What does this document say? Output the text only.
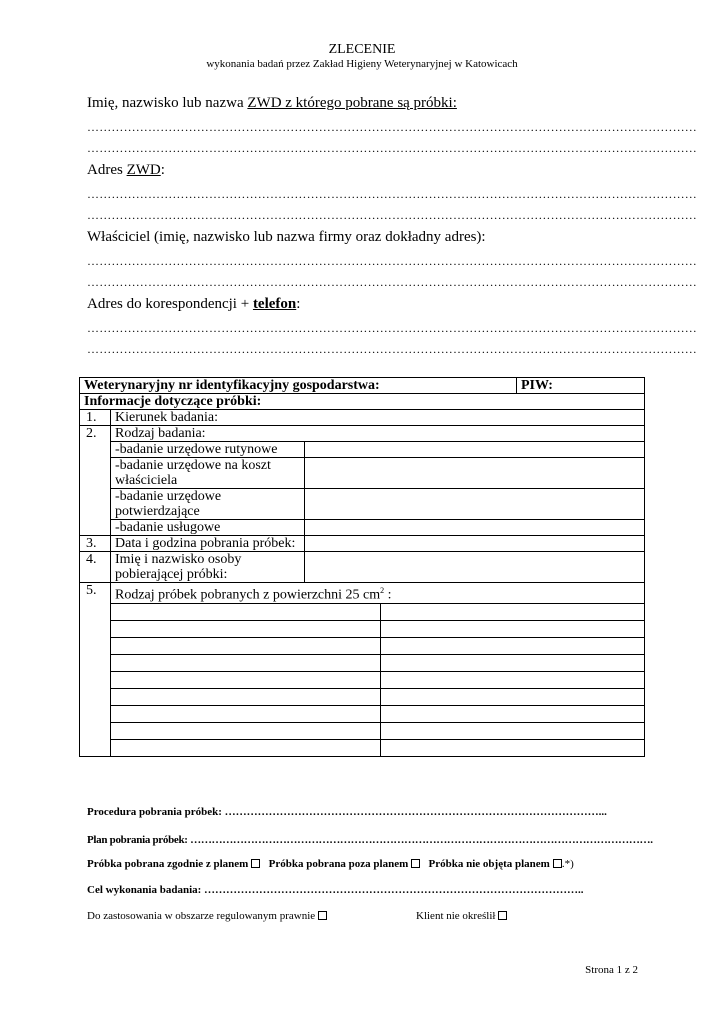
ZLECENIE
wykonania badań przez Zakład Higieny Weterynaryjnej w Katowicach
Imię, nazwisko lub nazwa ZWD z którego pobrane są próbki:
……………………………………………………………………………………………………………………………………
……………………………………………………………………………………………………………………………………
Adres ZWD:
……………………………………………………………………………………………………………………………………
……………………………………………………………………………………………………………………………………
Właściciel (imię, nazwisko lub nazwa firmy oraz dokładny adres):
……………………………………………………………………………………………………………………………………
……………………………………………………………………………………………………………………………………
Adres do korespondencji + telefon:
……………………………………………………………………………………………………………………………………
……………………………………………………………………………………………………………………………………
Weterynaryjny nr identyfikacyjny gospodarstwa:				PIW:
Informacje dotyczące próbki:				
1.	Kierunek badania:			
2.	Rodzaj badania:			
	-badanie urzędowe rutynowe			
	-badanie urzędowe na koszt właściciela			
	-badanie urzędowe potwierdzające			
	-badanie usługowe			
3.	Data i godzina pobrania próbek:			
4.	Imię i nazwisko osoby pobierającej próbki:			
5.	Rodzaj próbek pobranych z powierzchni 25 $cm^2$ :			

Procedura pobrania próbek: …………………………………………………………………………………………...
Plan pobrania próbek: ………………………………………………………………………………………………………………….
Próbka pobrana zgodnie z planem Próbka pobrana poza planem Próbka nie objęta planem .*)
Cel wykonania badania: …………………………………………………………………………………………..
Do zastosowania w obszarze regulowanym prawnie	Klient nie określił
Strona 1 z 2
